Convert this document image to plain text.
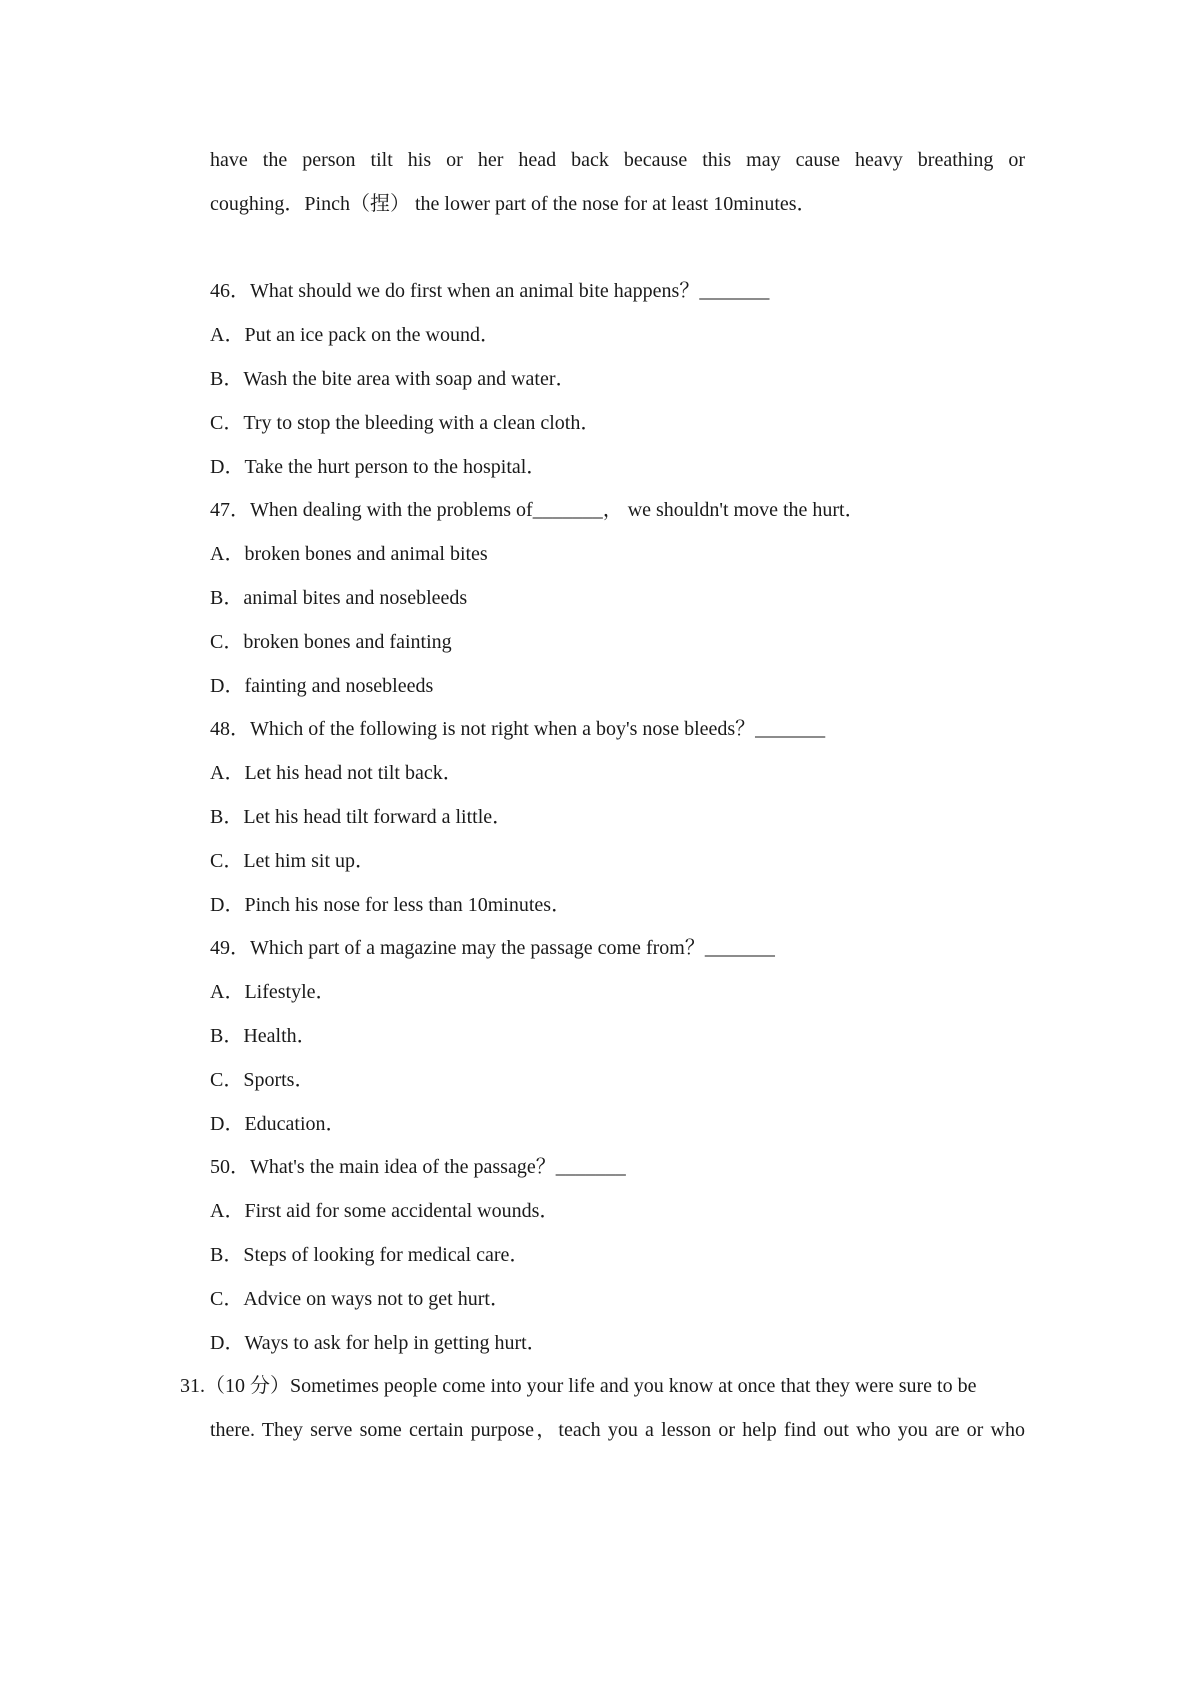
have the person tilt his or her head back because this may cause heavy breathing or
coughing．Pinch（捏） the lower part of the nose for at least 10minutes．
46．What should we do first when an animal bite happens？_______
A．Put an ice pack on the wound．
B．Wash the bite area with soap and water．
C．Try to stop the bleeding with a clean cloth．
D．Take the hurt person to the hospital．
47．When dealing with the problems of_______， we shouldn't move the hurt．
A．broken bones and animal bites
B．animal bites and nosebleeds
C．broken bones and fainting
D．fainting and nosebleeds
48．Which of the following is not right when a boy's nose bleeds？_______
A．Let his head not tilt back．
B．Let his head tilt forward a little．
C．Let him sit up．
D．Pinch his nose for less than 10minutes．
49．Which part of a magazine may the passage come from？_______
A．Lifestyle．
B．Health．
C．Sports．
D．Education．
50．What's the main idea of the passage？_______
A．First aid for some accidental wounds．
B．Steps of looking for medical care．
C．Advice on ways not to get hurt．
D．Ways to ask for help in getting hurt．
31.（10 分）Sometimes people come into your life and you know at once that they were sure to be
there. They serve some certain purpose，teach you a lesson or help find out who you are or who
